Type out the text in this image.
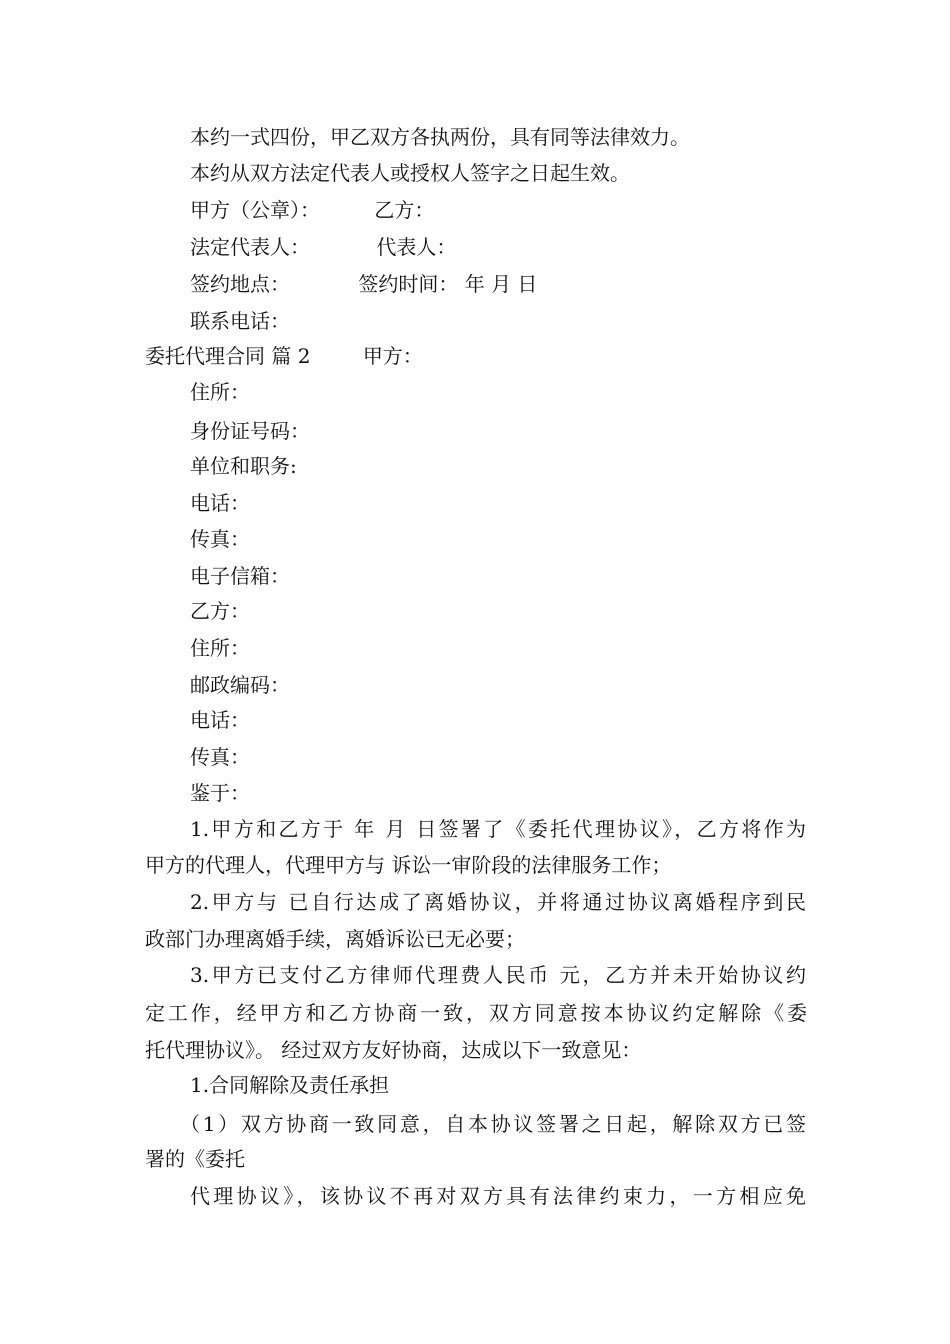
本约一式四份，甲乙双方各执两份，具有同等法律效力。
本约从双方法定代表人或授权人签字之日起生效。
甲方（公章）：	乙方：
法定代表人：	代表人：
签约地点：	签约时间： 年 月 日
联系电话：
委托代理合同 篇 2	甲方：
住所：
身份证号码：
单位和职务:
电话：
传真：
电子信箱：
乙方：
住所：
邮政编码：
电话：
传真：
鉴于：
1.甲方和乙方于 年 月 日签署了《委托代理协议》，乙方将作为
甲方的代理人，代理甲方与 诉讼一审阶段的法律服务工作；
2.甲方与 已自行达成了离婚协议，并将通过协议离婚程序到民
政部门办理离婚手续，离婚诉讼已无必要；
3.甲方已支付乙方律师代理费人民币 元，乙方并未开始协议约
定工作，经甲方和乙方协商一致，双方同意按本协议约定解除《委
托代理协议》。 经过双方友好协商，达成以下一致意见：
1.合同解除及责任承担
（1）双方协商一致同意，自本协议签署之日起，解除双方已签
署的《委托
代理协议》，该协议不再对双方具有法律约束力，一方相应免
